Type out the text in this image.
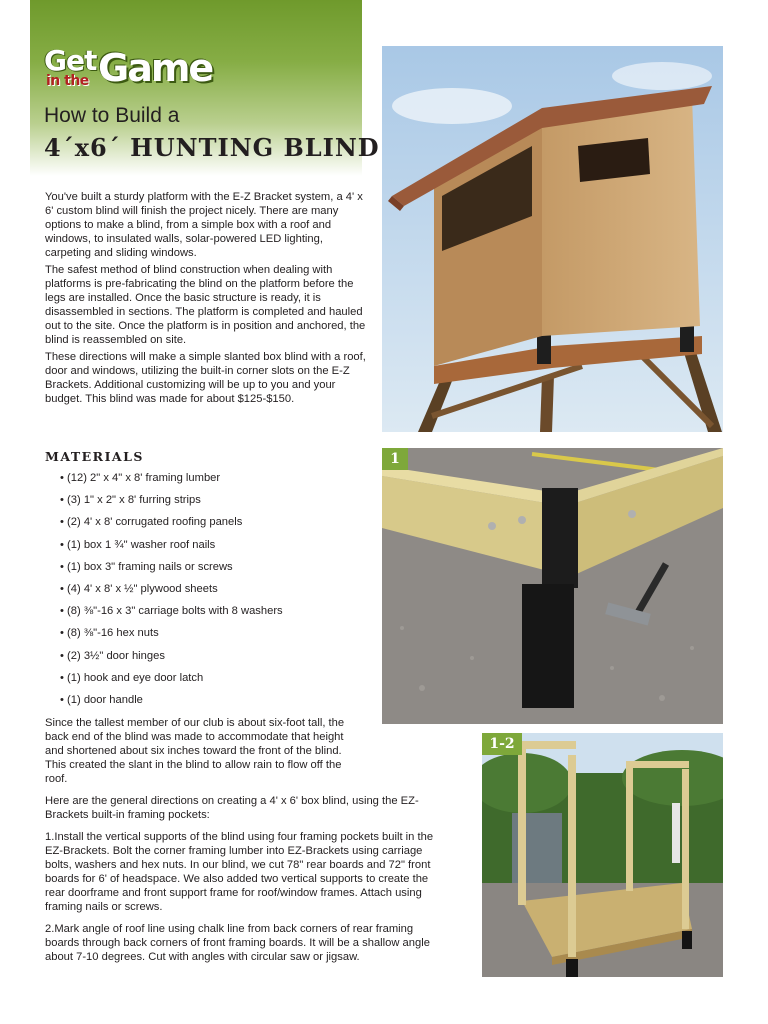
Get
in the Game
How to Build a
4´x6´ HUNTING BLIND

You've built a sturdy platform with the E-Z Bracket system, a 4' x 6' custom blind will finish the project nicely. There are many options to make a blind, from a simple box with a roof and windows, to insulated walls, solar-powered LED lighting, carpeting and sliding windows.

The safest method of blind construction when dealing with platforms is pre-fabricating the blind on the platform before the legs are installed. Once the basic structure is ready, it is disassembled in sections. The platform is completed and hauled out to the site. Once the platform is in position and anchored, the blind is reassembled on site.

These directions will make a simple slanted box blind with a roof, door and windows, utilizing the built-in corner slots on the E-Z Brackets. Additional customizing will be up to you and your budget. This blind was made for about $125-$150.

MATERIALS
• (12) 2" x 4" x 8' framing lumber
• (3) 1" x 2" x 8' furring strips
• (2) 4' x 8' corrugated roofing panels
• (1) box 1 ¾" washer roof nails
• (1) box 3" framing nails or screws
• (4) 4' x 8' x ½" plywood sheets
• (8) ⅜"-16 x 3" carriage bolts with 8 washers
• (8) ⅜"-16 hex nuts
• (2) 3½" door hinges
• (1) hook and eye door latch
• (1) door handle

Since the tallest member of our club is about six-foot tall, the back end of the blind was made to accommodate that height and shortened about six inches toward the front of the blind. This created the slant in the blind to allow rain to flow off the roof.

Here are the general directions on creating a 4' x 6' box blind, using the EZ-Brackets built-in framing pockets:

1.Install the vertical supports of the blind using four framing pockets built in the EZ-Brackets. Bolt the corner framing lumber into EZ-Brackets using carriage bolts, washers and hex nuts. In our blind, we cut 78" rear boards and 72" front boards for 6' of headspace. We also added two vertical supports to create the rear doorframe and front support frame for roof/window frames. Attach using framing nails or screws.

2.Mark angle of roof line using chalk line from back corners of rear framing boards through back corners of front framing boards. It will be a shallow angle about 7-10 degrees. Cut with angles with circular saw or jigsaw.

1
1-2
